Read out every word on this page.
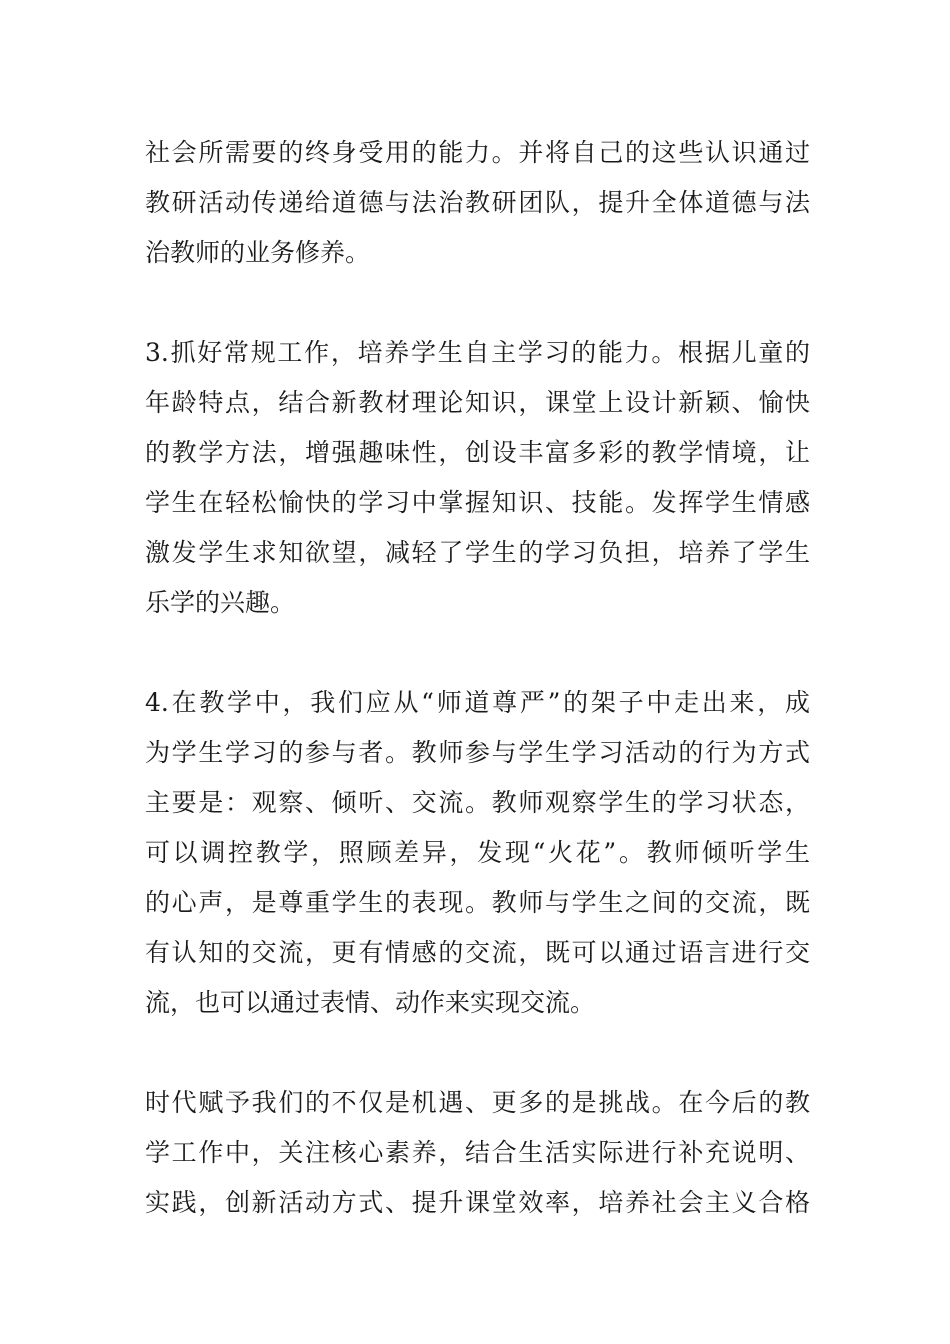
社会所需要的终身受用的能力。并将自己的这些认识通过
教研活动传递给道德与法治教研团队，提升全体道德与法
治教师的业务修养。
3.抓好常规工作，培养学生自主学习的能力。根据儿童的
年龄特点，结合新教材理论知识，课堂上设计新颖、愉快
的教学方法，增强趣味性，创设丰富多彩的教学情境，让
学生在轻松愉快的学习中掌握知识、技能。发挥学生情感
激发学生求知欲望，减轻了学生的学习负担，培养了学生
乐学的兴趣。
4.在教学中，我们应从“师道尊严”的架子中走出来，成
为学生学习的参与者。教师参与学生学习活动的行为方式
主要是：观察、倾听、交流。教师观察学生的学习状态，
可以调控教学，照顾差异，发现“火花”。教师倾听学生
的心声，是尊重学生的表现。教师与学生之间的交流，既
有认知的交流，更有情感的交流，既可以通过语言进行交
流，也可以通过表情、动作来实现交流。
时代赋予我们的不仅是机遇、更多的是挑战。在今后的教
学工作中，关注核心素养，结合生活实际进行补充说明、
实践，创新活动方式、提升课堂效率，培养社会主义合格
